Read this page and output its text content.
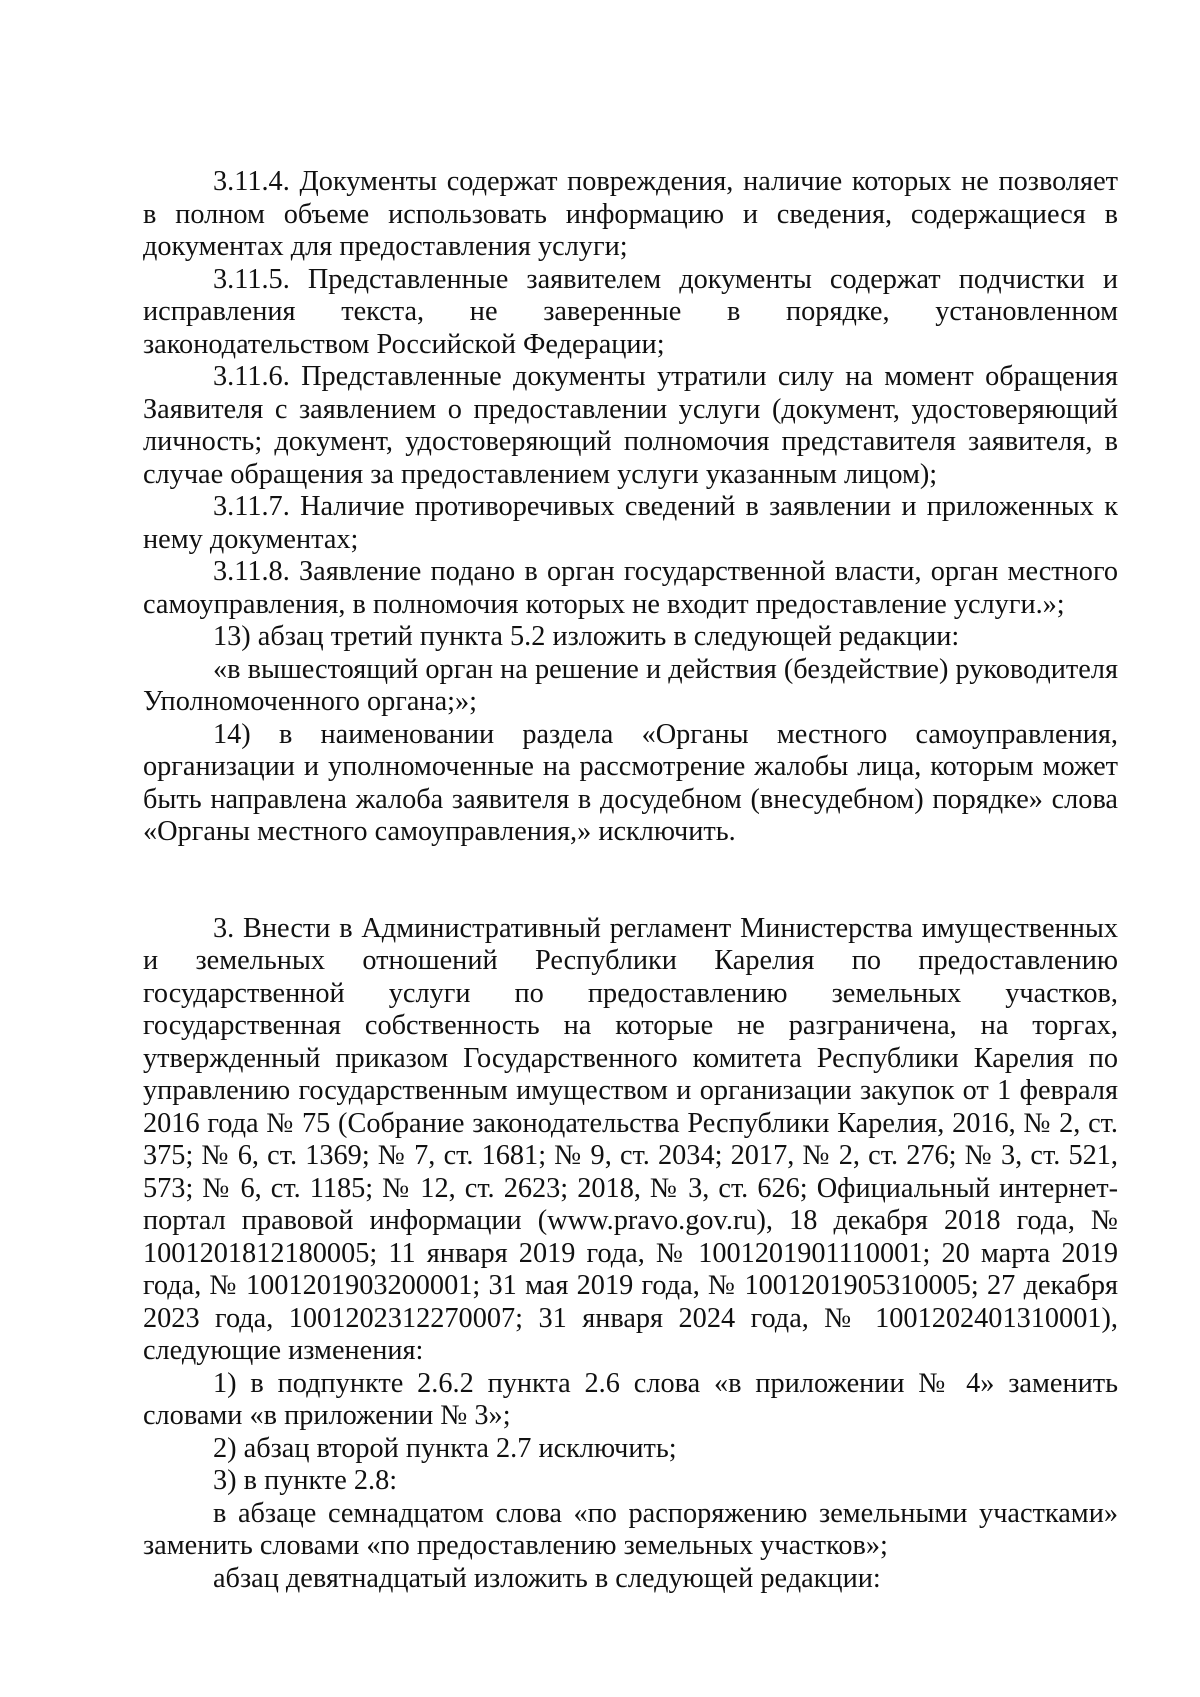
3.11.4. Документы содержат повреждения, наличие которых не позволяет в полном объеме использовать информацию и сведения, содержащиеся в документах для предоставления услуги;

3.11.5. Представленные заявителем документы содержат подчистки и исправления текста, не заверенные в порядке, установленном законодательством Российской Федерации;

3.11.6. Представленные документы утратили силу на момент обращения Заявителя с заявлением о предоставлении услуги (документ, удостоверяющий личность; документ, удостоверяющий полномочия представителя заявителя, в случае обращения за предоставлением услуги указанным лицом);

3.11.7. Наличие противоречивых сведений в заявлении и приложенных к нему документах;

3.11.8. Заявление подано в орган государственной власти, орган местного самоуправления, в полномочия которых не входит предоставление услуги.»;

13) абзац третий пункта 5.2 изложить в следующей редакции:

«в вышестоящий орган на решение и действия (бездействие) руководителя Уполномоченного органа;»;

14) в наименовании раздела «Органы местного самоуправления, организации и уполномоченные на рассмотрение жалобы лица, которым может быть направлена жалоба заявителя в досудебном (внесудебном) порядке» слова «Органы местного самоуправления,» исключить.

3. Внести в Административный регламент Министерства имущественных и земельных отношений Республики Карелия по предоставлению государственной услуги по предоставлению земельных участков, государственная собственность на которые не разграничена, на торгах, утвержденный приказом Государственного комитета Республики Карелия по управлению государственным имуществом и организации закупок от 1 февраля 2016 года № 75 (Собрание законодательства Республики Карелия, 2016, № 2, ст. 375; № 6, ст. 1369; № 7, ст. 1681; № 9, ст. 2034; 2017, № 2, ст. 276; № 3, ст. 521, 573; № 6, ст. 1185; № 12, ст. 2623; 2018, № 3, ст. 626; Официальный интернет-портал правовой информации (www.pravo.gov.ru), 18 декабря 2018 года, № 1001201812180005; 11 января 2019 года, № 1001201901110001; 20 марта 2019 года, № 1001201903200001; 31 мая 2019 года, № 1001201905310005; 27 декабря 2023 года, 1001202312270007; 31 января 2024 года, № 1001202401310001), следующие изменения:

1) в подпункте 2.6.2 пункта 2.6 слова «в приложении № 4» заменить словами «в приложении № 3»;

2) абзац второй пункта 2.7 исключить;

3) в пункте 2.8:

в абзаце семнадцатом слова «по распоряжению земельными участками» заменить словами «по предоставлению земельных участков»;

абзац девятнадцатый изложить в следующей редакции:
